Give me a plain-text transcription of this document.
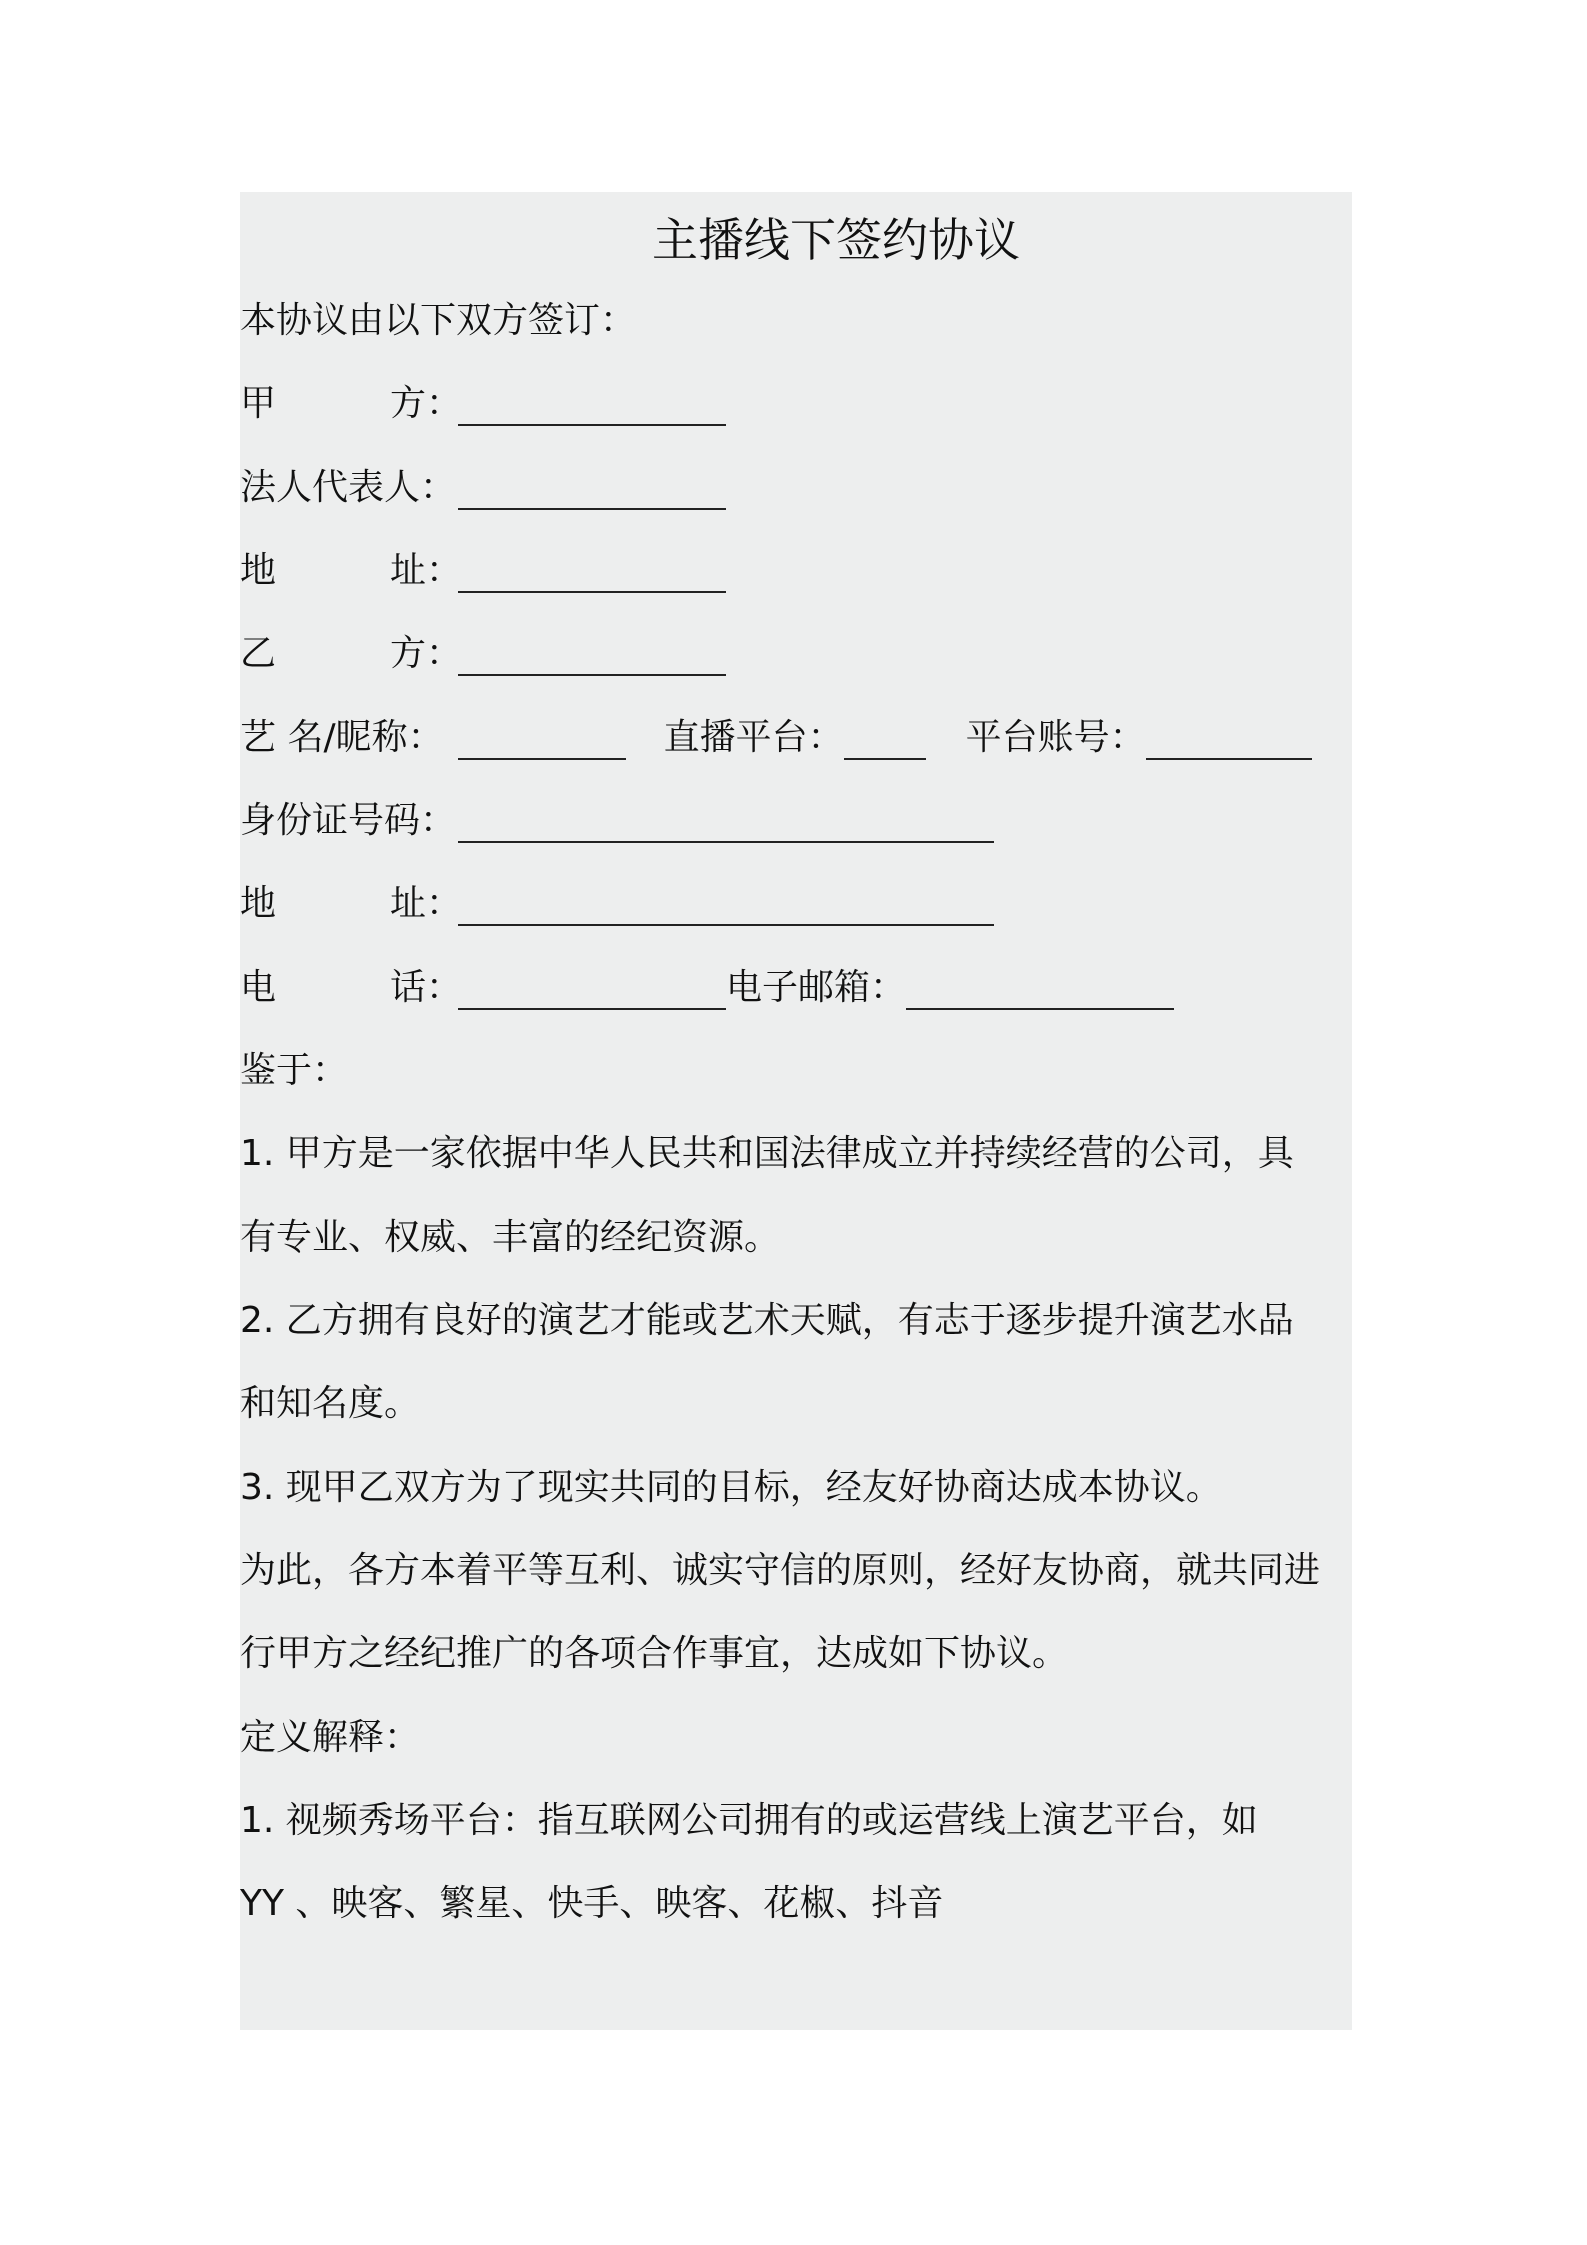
主播线下签约协议
本协议由以下双方签订：
甲	方：
法人代表人：
地	址：
乙	方：
艺 名/昵称：	直播平台：	平台账号：
身份证号码：
地	址：
电	话：	电子邮箱：
鉴于：
1. 甲方是一家依据中华人民共和国法律成立并持续经营的公司，具
有专业、权威、丰富的经纪资源。
2. 乙方拥有良好的演艺才能或艺术天赋，有志于逐步提升演艺水品
和知名度。
3. 现甲乙双方为了现实共同的目标，经友好协商达成本协议。
为此，各方本着平等互利、诚实守信的原则，经好友协商，就共同进
行甲方之经纪推广的各项合作事宜，达成如下协议。
定义解释：
1. 视频秀场平台：指互联网公司拥有的或运营线上演艺平台，如
YY 、映客、繁星、快手、映客、花椒、抖音
